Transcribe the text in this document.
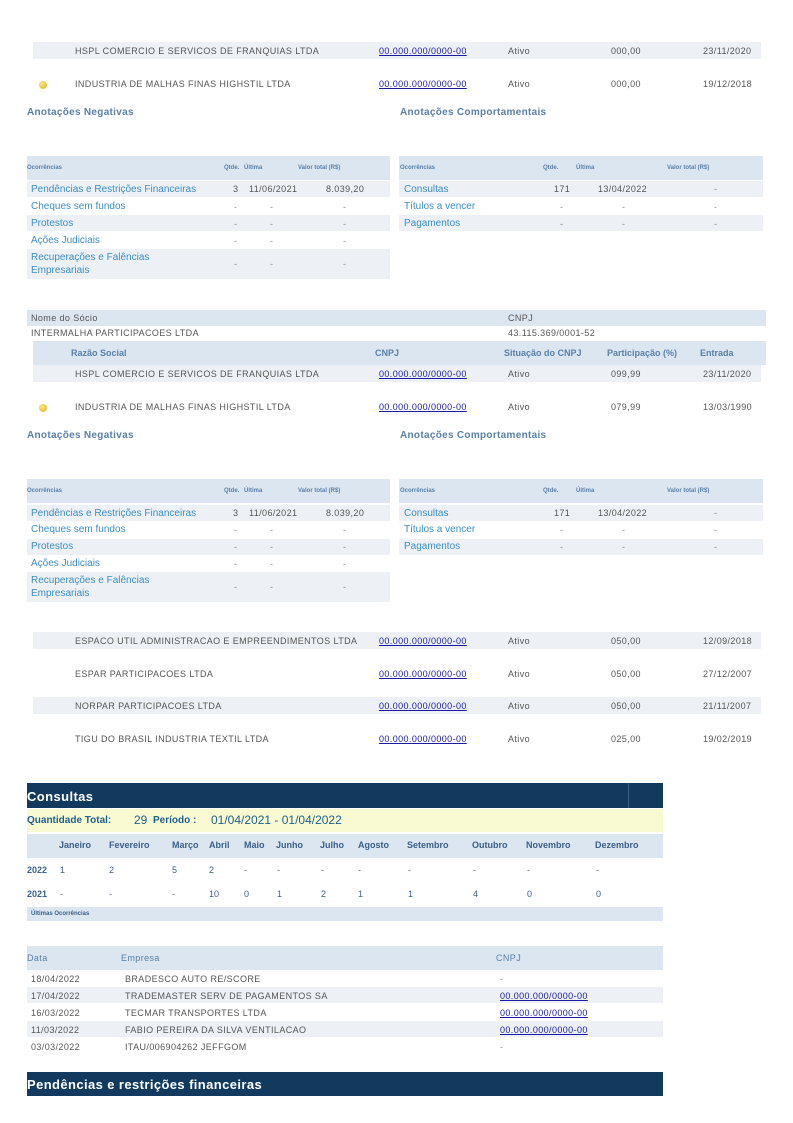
HSPL COMERCIO E SERVICOS DE FRANQUIAS LTDA	00.000.000/0000-00	Ativo	000,00	23/11/2020
INDUSTRIA DE MALHAS FINAS HIGHSTIL LTDA	00.000.000/0000-00	Ativo	000,00	19/12/2018
Anotações Negativas	Anotações Comportamentais
Ocorrências	Qtde. Última	Valor total (R$)
Pendências e Restrições Financeiras	3 11/06/2021	8.039,20
Cheques sem fundos	-	-	-
Protestos	-	-	-
Ações Judiciais	-	-	-
Recuperações e Falências
Empresariais
-	-	-
Ocorrências	Qtde.	Última	Valor total (R$)
Consultas	171	13/04/2022	-
Títulos a vencer	-	-	-
Pagamentos	-	-	-
Nome do Sócio	CNPJ
INTERMALHA PARTICIPACOES LTDA	43.115.369/0001-52
Razão Social	CNPJ	Situação do CNPJ	Participação (%)	Entrada
HSPL COMERCIO E SERVICOS DE FRANQUIAS LTDA	00.000.000/0000-00	Ativo	099,99	23/11/2020
INDUSTRIA DE MALHAS FINAS HIGHSTIL LTDA	00.000.000/0000-00	Ativo	079,99	13/03/1990
Anotações Negativas	Anotações Comportamentais
Ocorrências	Qtde. Última	Valor total (R$)
Pendências e Restrições Financeiras	3 11/06/2021	8.039,20
Cheques sem fundos	-	-	-
Protestos	-	-	-
Ações Judiciais	-	-	-
Recuperações e Falências
Empresariais
-	-	-
Ocorrências	Qtde.	Última	Valor total (R$)
Consultas	171	13/04/2022	-
Títulos a vencer	-	-	-
Pagamentos	-	-	-
ESPACO UTIL ADMINISTRACAO E EMPREENDIMENTOS LTDA 00.000.000/0000-00	Ativo	050,00	12/09/2018
ESPAR PARTICIPACOES LTDA	00.000.000/0000-00	Ativo	050,00	27/12/2007
NORPAR PARTICIPACOES LTDA	00.000.000/0000-00	Ativo	050,00	21/11/2007
TIGU DO BRASIL INDUSTRIA TEXTIL LTDA	00.000.000/0000-00	Ativo	025,00	19/02/2019
Consultas
Quantidade Total: 29 Período : 01/04/2021 - 01/04/2022
Janeiro Fevereiro Março Abril Maio Junho Julho Agosto Setembro	Outubro Novembro	Dezembro
2022 1	2	5	2	-	-	-	-	-	-	-	-
2021 -	-	-	10	0	1	2	1	1	4	0	0
Últimas Ocorrências
Data	Empresa	CNPJ
18/04/2022	BRADESCO AUTO RE/SCORE	-
17/04/2022	TRADEMASTER SERV DE PAGAMENTOS SA	00.000.000/0000-00
16/03/2022	TECMAR TRANSPORTES LTDA	00.000.000/0000-00
11/03/2022	FABIO PEREIRA DA SILVA VENTILACAO	00.000.000/0000-00
03/03/2022	ITAU/006904262 JEFFGOM	-
Pendências e restrições financeiras
